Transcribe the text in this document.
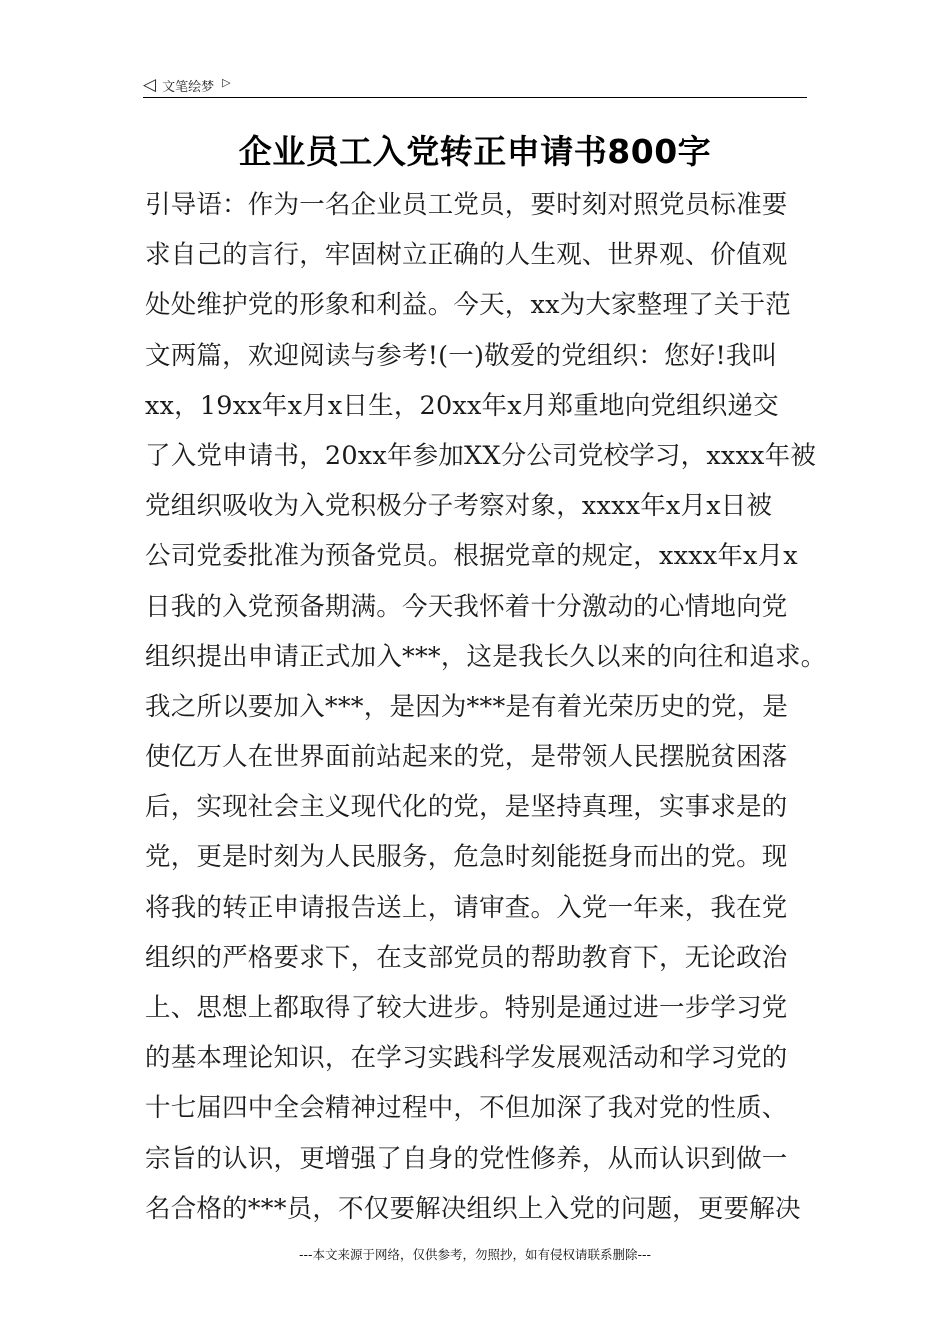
◁ 文笔绘梦 ▷
企业员工入党转正申请书800字
引导语：作为一名企业员工党员，要时刻对照党员标准要
求自己的言行，牢固树立正确的人生观、世界观、价值观
处处维护党的形象和利益。今天，xx为大家整理了关于范
文两篇，欢迎阅读与参考!(一)敬爱的党组织：您好!我叫
xx，19xx年x月x日生，20xx年x月郑重地向党组织递交
了入党申请书，20xx年参加XX分公司党校学习，xxxx年被
党组织吸收为入党积极分子考察对象，xxxx年x月x日被
公司党委批准为预备党员。根据党章的规定，xxxx年x月x
日我的入党预备期满。今天我怀着十分激动的心情地向党
组织提出申请正式加入***，这是我长久以来的向往和追求。
我之所以要加入***，是因为***是有着光荣历史的党，是
使亿万人在世界面前站起来的党，是带领人民摆脱贫困落
后，实现社会主义现代化的党，是坚持真理，实事求是的
党，更是时刻为人民服务，危急时刻能挺身而出的党。现
将我的转正申请报告送上，请审查。入党一年来，我在党
组织的严格要求下，在支部党员的帮助教育下，无论政治
上、思想上都取得了较大进步。特别是通过进一步学习党
的基本理论知识，在学习实践科学发展观活动和学习党的
十七届四中全会精神过程中，不但加深了我对党的性质、
宗旨的认识，更增强了自身的党性修养，从而认识到做一
名合格的***员，不仅要解决组织上入党的问题，更要解决
---本文来源于网络，仅供参考，勿照抄，如有侵权请联系删除---
